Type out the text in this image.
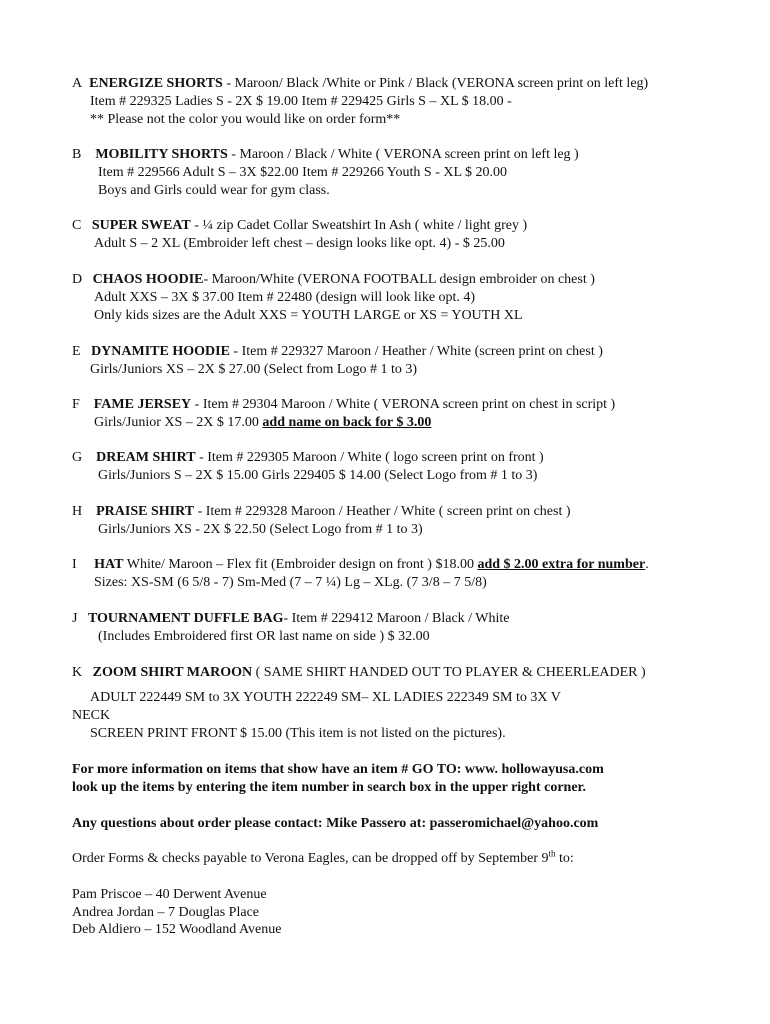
A ENERGIZE SHORTS - Maroon/ Black /White or Pink / Black (VERONA screen print on left leg)
Item # 229325 Ladies S - 2X $ 19.00 Item # 229425 Girls S – XL $ 18.00 -
** Please not the color you would like on order form**
B MOBILITY SHORTS - Maroon / Black / White ( VERONA screen print on left leg )
Item # 229566 Adult S – 3X $22.00 Item # 229266 Youth S - XL $ 20.00
Boys and Girls could wear for gym class.
C SUPER SWEAT - ¼ zip Cadet Collar Sweatshirt In Ash ( white / light grey )
Adult S – 2 XL (Embroider left chest – design looks like opt. 4) - $ 25.00
D CHAOS HOODIE- Maroon/White (VERONA FOOTBALL design embroider on chest )
Adult XXS – 3X $ 37.00 Item # 22480 (design will look like opt. 4)
Only kids sizes are the Adult XXS = YOUTH LARGE or XS = YOUTH XL
E DYNAMITE HOODIE - Item # 229327 Maroon / Heather / White (screen print on chest )
Girls/Juniors XS – 2X $ 27.00 (Select from Logo # 1 to 3)
F FAME JERSEY - Item # 29304 Maroon / White ( VERONA screen print on chest in script )
Girls/Junior XS – 2X $ 17.00 add name on back for $ 3.00
G DREAM SHIRT - Item # 229305 Maroon / White ( logo screen print on front )
Girls/Juniors S – 2X $ 15.00 Girls 229405 $ 14.00 (Select Logo from # 1 to 3)
H PRAISE SHIRT - Item # 229328 Maroon / Heather / White ( screen print on chest )
Girls/Juniors XS - 2X $ 22.50 (Select Logo from # 1 to 3)
I HAT White/ Maroon – Flex fit (Embroider design on front ) $18.00 add $ 2.00 extra for number.
Sizes: XS-SM (6 5/8 - 7) Sm-Med (7 – 7 ¼) Lg – XLg. (7 3/8 – 7 5/8)
J TOURNAMENT DUFFLE BAG- Item # 229412 Maroon / Black / White
(Includes Embroidered first OR last name on side ) $ 32.00
K ZOOM SHIRT MAROON ( SAME SHIRT HANDED OUT TO PLAYER & CHEERLEADER )
ADULT 222449 SM to 3X YOUTH 222249 SM– XL LADIES 222349 SM to 3X V
NECK
SCREEN PRINT FRONT $ 15.00 (This item is not listed on the pictures).
For more information on items that show have an item # GO TO: www. hollowayusa.com
look up the items by entering the item number in search box in the upper right corner.
Any questions about order please contact: Mike Passero at: passeromichael@yahoo.com
Order Forms & checks payable to Verona Eagles, can be dropped off by September 9th to:
Pam Priscoe – 40 Derwent Avenue
Andrea Jordan – 7 Douglas Place
Deb Aldiero – 152 Woodland Avenue
